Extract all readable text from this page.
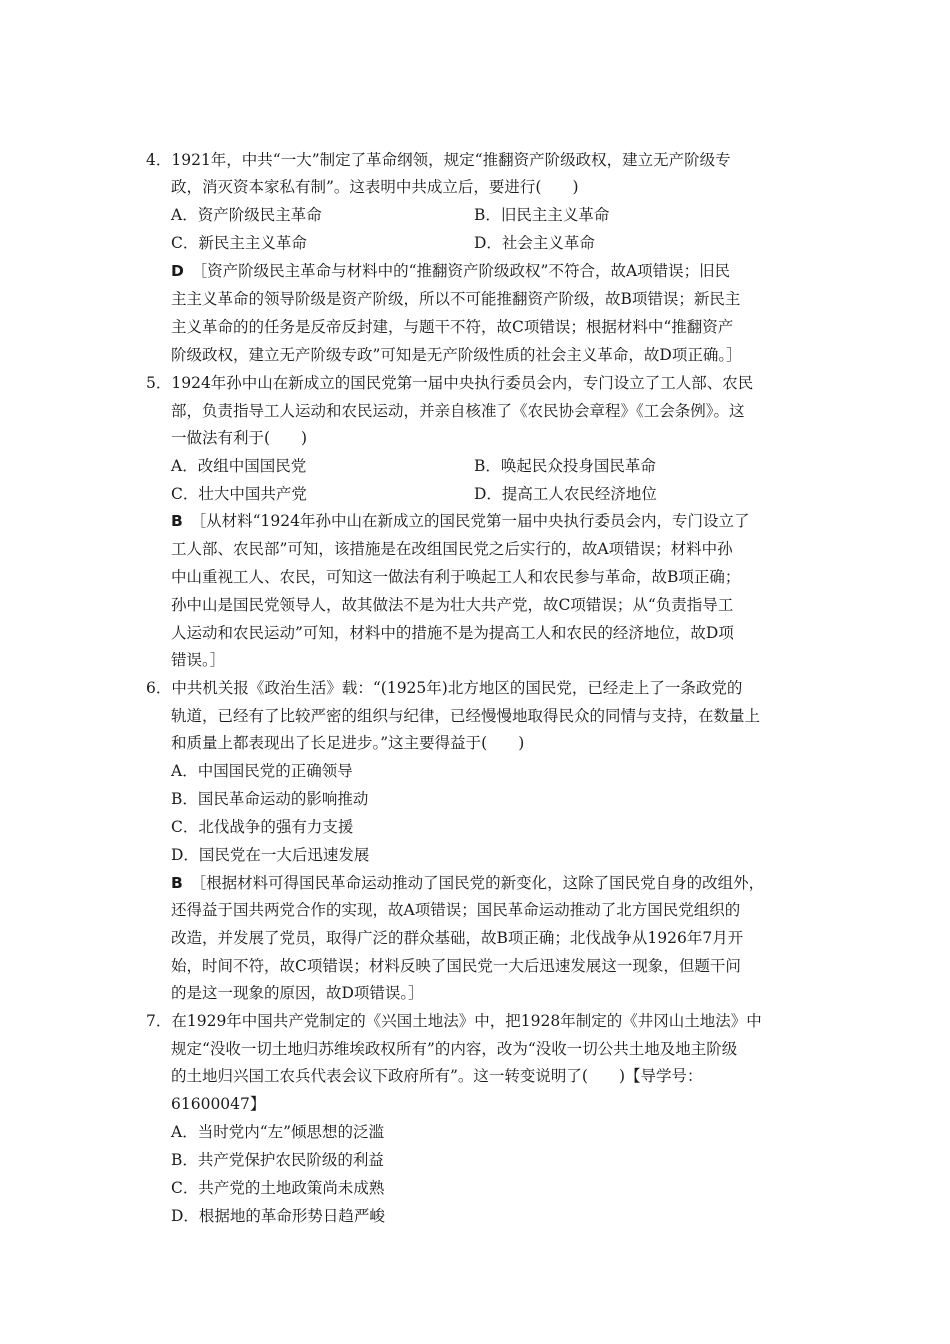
4．1921年，中共“一大”制定了革命纲领，规定“推翻资产阶级政权，建立无产阶级专
政，消灭资本家私有制”。这表明中共成立后，要进行(　　)
A．资产阶级民主革命	B．旧民主主义革命
C．新民主主义革命	D．社会主义革命
D  ［资产阶级民主革命与材料中的“推翻资产阶级政权”不符合，故A项错误；旧民
主主义革命的领导阶级是资产阶级，所以不可能推翻资产阶级，故B项错误；新民主
主义革命的的任务是反帝反封建，与题干不符，故C项错误；根据材料中“推翻资产
阶级政权，建立无产阶级专政”可知是无产阶级性质的社会主义革命，故D项正确。］
5．1924年孙中山在新成立的国民党第一届中央执行委员会内，专门设立了工人部、农民
部，负责指导工人运动和农民运动，并亲自核准了《农民协会章程》《工会条例》。这
一做法有利于(　　)
A．改组中国国民党	B．唤起民众投身国民革命
C．壮大中国共产党	D．提高工人农民经济地位
B  ［从材料“1924年孙中山在新成立的国民党第一届中央执行委员会内，专门设立了
工人部、农民部”可知，该措施是在改组国民党之后实行的，故A项错误；材料中孙
中山重视工人、农民，可知这一做法有利于唤起工人和农民参与革命，故B项正确；
孙中山是国民党领导人，故其做法不是为壮大共产党，故C项错误；从“负责指导工
人运动和农民运动”可知，材料中的措施不是为提高工人和农民的经济地位，故D项
错误。］
6．中共机关报《政治生活》载：“(1925年)北方地区的国民党，已经走上了一条政党的
轨道，已经有了比较严密的组织与纪律，已经慢慢地取得民众的同情与支持，在数量上
和质量上都表现出了长足进步。”这主要得益于(　　)
A．中国国民党的正确领导
B．国民革命运动的影响推动
C．北伐战争的强有力支援
D．国民党在一大后迅速发展
B  ［根据材料可得国民革命运动推动了国民党的新变化，这除了国民党自身的改组外，
还得益于国共两党合作的实现，故A项错误；国民革命运动推动了北方国民党组织的
改造，并发展了党员，取得广泛的群众基础，故B项正确；北伐战争从1926年7月开
始，时间不符，故C项错误；材料反映了国民党一大后迅速发展这一现象，但题干问
的是这一现象的原因，故D项错误。］
7．在1929年中国共产党制定的《兴国土地法》中，把1928年制定的《井冈山土地法》中
规定“没收一切土地归苏维埃政权所有”的内容，改为“没收一切公共土地及地主阶级
的土地归兴国工农兵代表会议下政府所有”。这一转变说明了(　　)【导学号：
61600047】
A．当时党内“左”倾思想的泛滥
B．共产党保护农民阶级的利益
C．共产党的土地政策尚未成熟
D．根据地的革命形势日趋严峻
